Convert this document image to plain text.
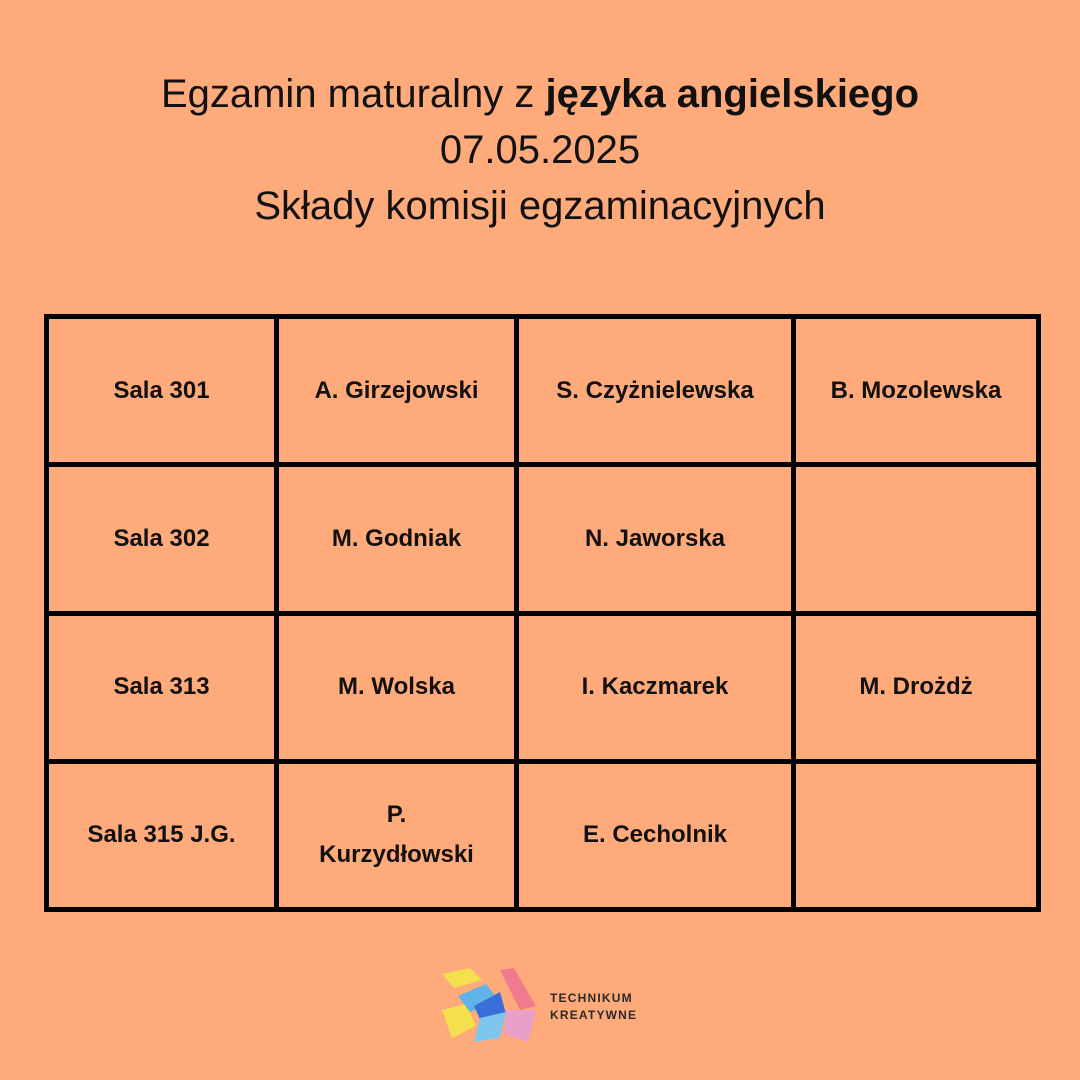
Egzamin maturalny z języka angielskiego
07.05.2025
Składy komisji egzaminacyjnych
Sala 301	A. Girzejowski	S. Czyżnielewska	B. Mozolewska
Sala 302	M. Godniak	N. Jaworska	
Sala 313	M. Wolska	I. Kaczmarek	M. Drożdż
Sala 315 J.G.	P. Kurzydłowski	E. Cecholnik	
TECHNIKUM
KREATYWNE
